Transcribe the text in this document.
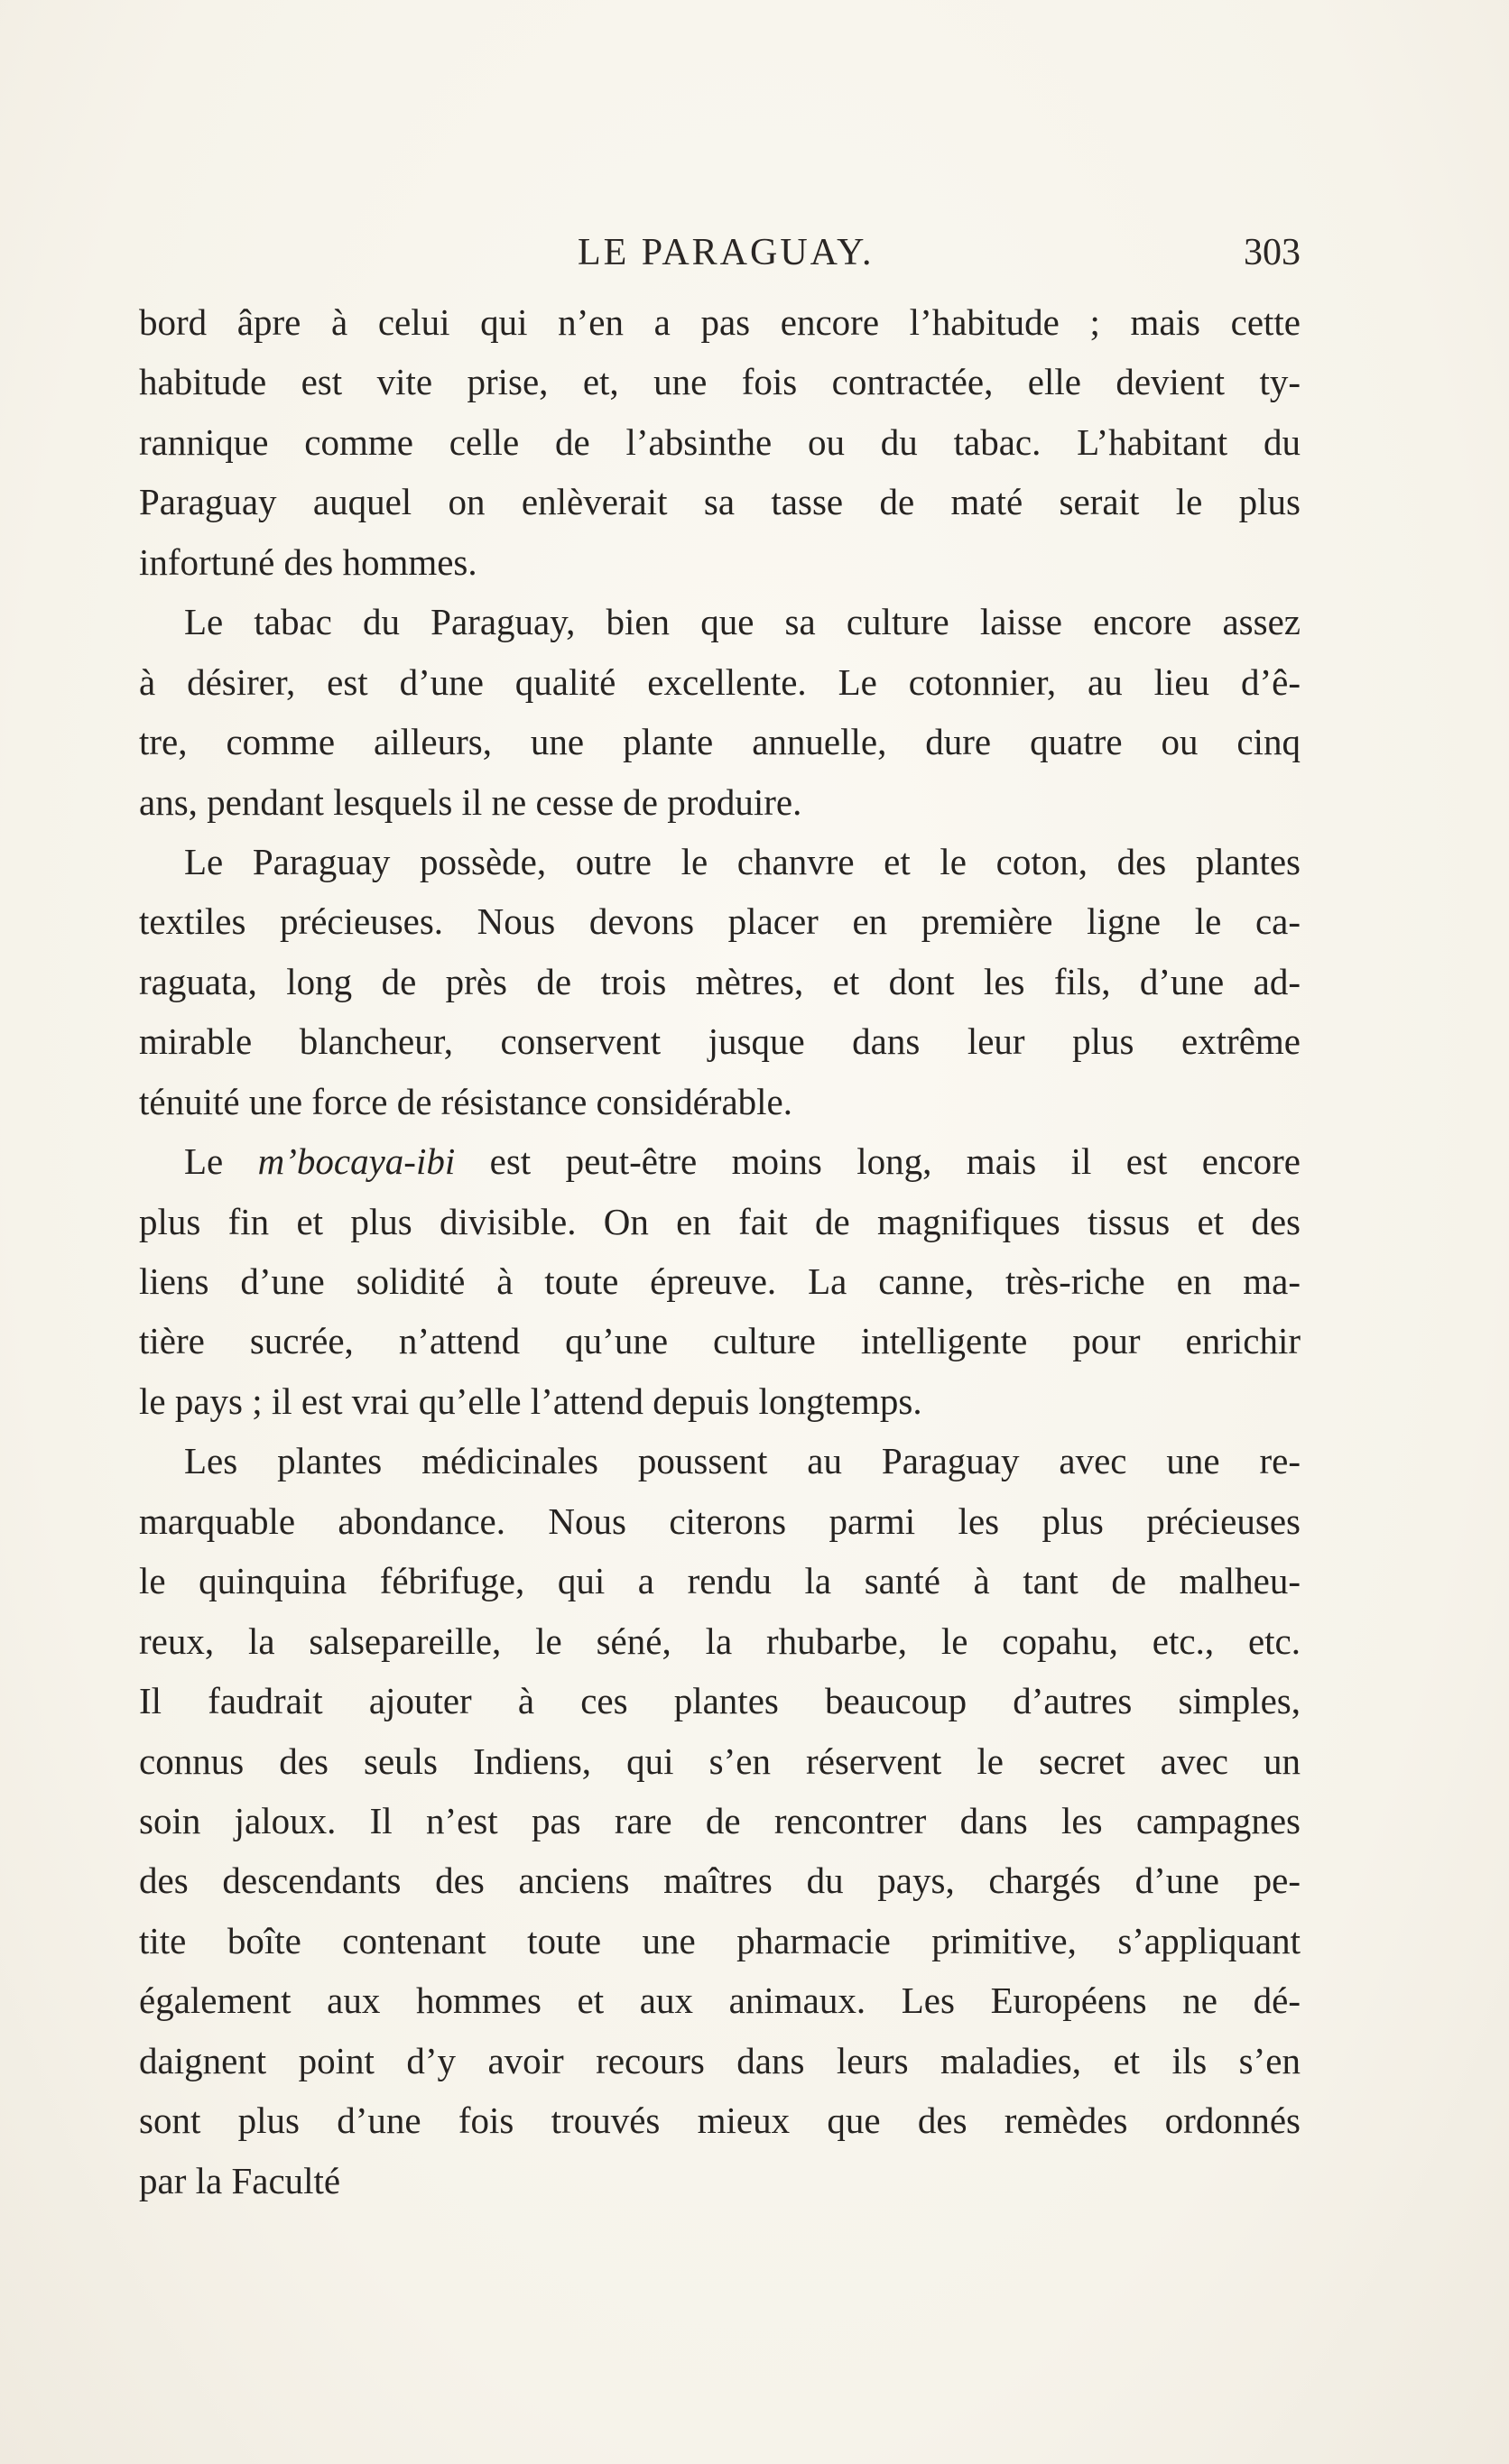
LE PARAGUAY.	303
bord âpre à celui qui n’en a pas encore l’habitude ; mais cette
habitude est vite prise, et, une fois contractée, elle devient ty-
rannique comme celle de l’absinthe ou du tabac. L’habitant du
Paraguay auquel on enlèverait sa tasse de maté serait le plus
infortuné des hommes.
Le tabac du Paraguay, bien que sa culture laisse encore assez
à désirer, est d’une qualité excellente. Le cotonnier, au lieu d’ê-
tre, comme ailleurs, une plante annuelle, dure quatre ou cinq
ans, pendant lesquels il ne cesse de produire.
Le Paraguay possède, outre le chanvre et le coton, des plantes
textiles précieuses. Nous devons placer en première ligne le ca-
raguata, long de près de trois mètres, et dont les fils, d’une ad-
mirable blancheur, conservent jusque dans leur plus extrême
ténuité une force de résistance considérable.
Le m’bocaya-ibi est peut-être moins long, mais il est encore
plus fin et plus divisible. On en fait de magnifiques tissus et des
liens d’une solidité à toute épreuve. La canne, très-riche en ma-
tière sucrée, n’attend qu’une culture intelligente pour enrichir
le pays ; il est vrai qu’elle l’attend depuis longtemps.
Les plantes médicinales poussent au Paraguay avec une re-
marquable abondance. Nous citerons parmi les plus précieuses
le quinquina fébrifuge, qui a rendu la santé à tant de malheu-
reux, la salsepareille, le séné, la rhubarbe, le copahu, etc., etc.
Il faudrait ajouter à ces plantes beaucoup d’autres simples,
connus des seuls Indiens, qui s’en réservent le secret avec un
soin jaloux. Il n’est pas rare de rencontrer dans les campagnes
des descendants des anciens maîtres du pays, chargés d’une pe-
tite boîte contenant toute une pharmacie primitive, s’appliquant
également aux hommes et aux animaux. Les Européens ne dé-
daignent point d’y avoir recours dans leurs maladies, et ils s’en
sont plus d’une fois trouvés mieux que des remèdes ordonnés
par la Faculté
